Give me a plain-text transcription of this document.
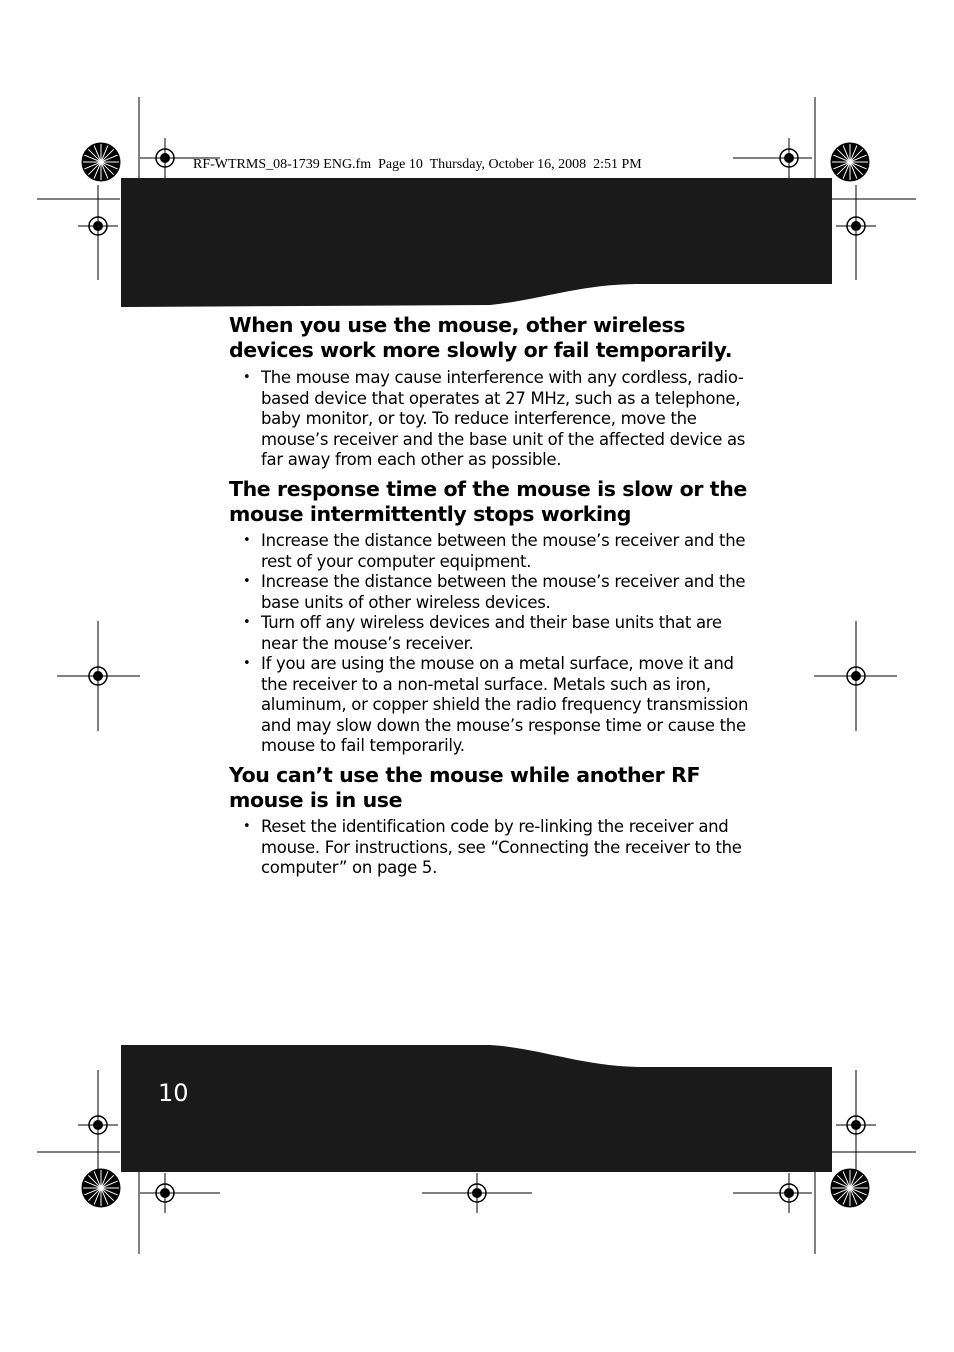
RF-WTRMS_08-1739 ENG.fm  Page 10  Thursday, October 16, 2008  2:51 PM
When you use the mouse, other wireless
devices work more slowly or fail temporarily.
• The mouse may cause interference with any cordless, radio-based device that operates at 27 MHz, such as a telephone, baby monitor, or toy. To reduce interference, move the mouse’s receiver and the base unit of the affected device as far away from each other as possible.
The response time of the mouse is slow or the
mouse intermittently stops working
• Increase the distance between the mouse’s receiver and the rest of your computer equipment.
• Increase the distance between the mouse’s receiver and the base units of other wireless devices.
• Turn off any wireless devices and their base units that are near the mouse’s receiver.
• If you are using the mouse on a metal surface, move it and the receiver to a non-metal surface. Metals such as iron, aluminum, or copper shield the radio frequency transmission and may slow down the mouse’s response time or cause the mouse to fail temporarily.
You can’t use the mouse while another RF
mouse is in use
• Reset the identification code by re-linking the receiver and mouse. For instructions, see “Connecting the receiver to the computer” on page 5.
10
